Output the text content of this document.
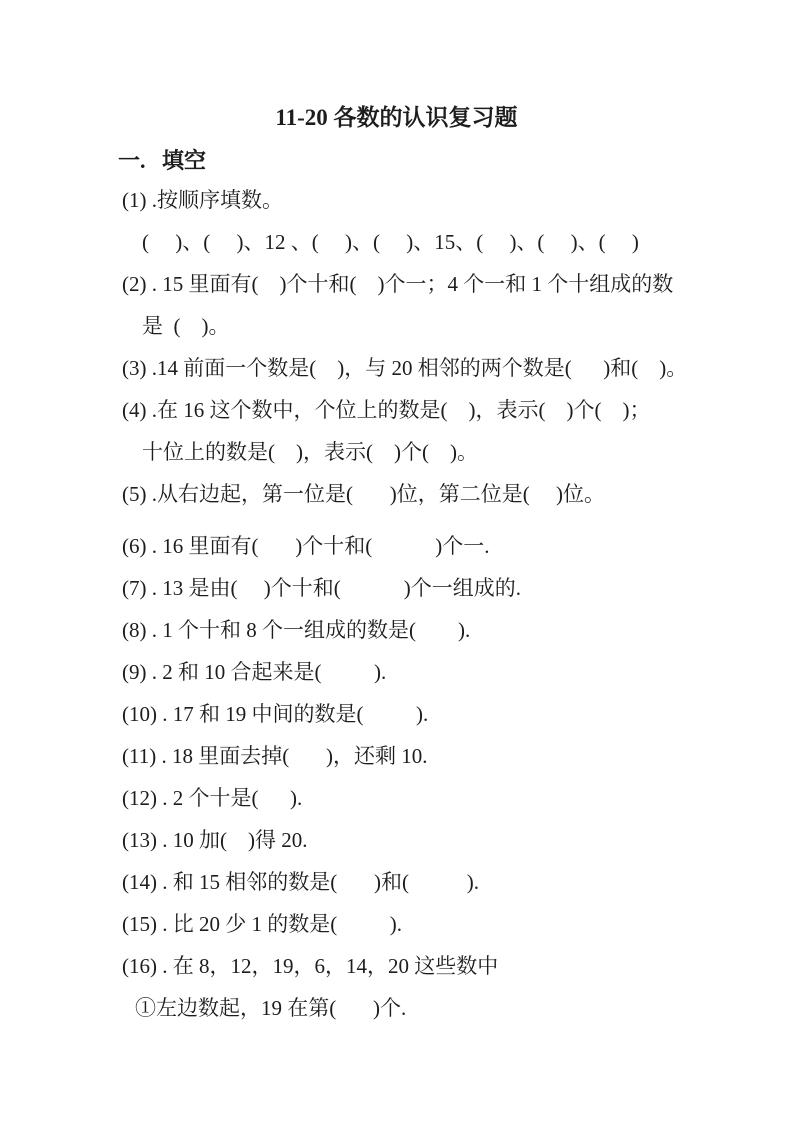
11-20 各数的认识复习题
一.   填空
(1) .按顺序填数。
(     )、(     )、12 、(     )、(     )、15、(     )、(     )、(     )
(2) . 15 里面有(    )个十和(    )个一；4 个一和 1 个十组成的数
是  (    )。
(3) .14 前面一个数是(    )，与 20 相邻的两个数是(      )和(    )。
(4) .在 16 这个数中，个位上的数是(    )，表示(    )个(    )；
十位上的数是(    )，表示(    )个(    )。
(5) .从右边起，第一位是(       )位，第二位是(     )位。
(6) . 16 里面有(       )个十和(            )个一.
(7) . 13 是由(     )个十和(            )个一组成的.
(8) . 1 个十和 8 个一组成的数是(        ).
(9) . 2 和 10 合起来是(          ).
(10) . 17 和 19 中间的数是(          ).
(11) . 18 里面去掉(       )，还剩 10.
(12) . 2 个十是(      ).
(13) . 10 加(    )得 20.
(14) . 和 15 相邻的数是(       )和(           ).
(15) . 比 20 少 1 的数是(          ).
(16) . 在 8，12，19，6，14，20 这些数中
①左边数起，19 在第(       )个.
